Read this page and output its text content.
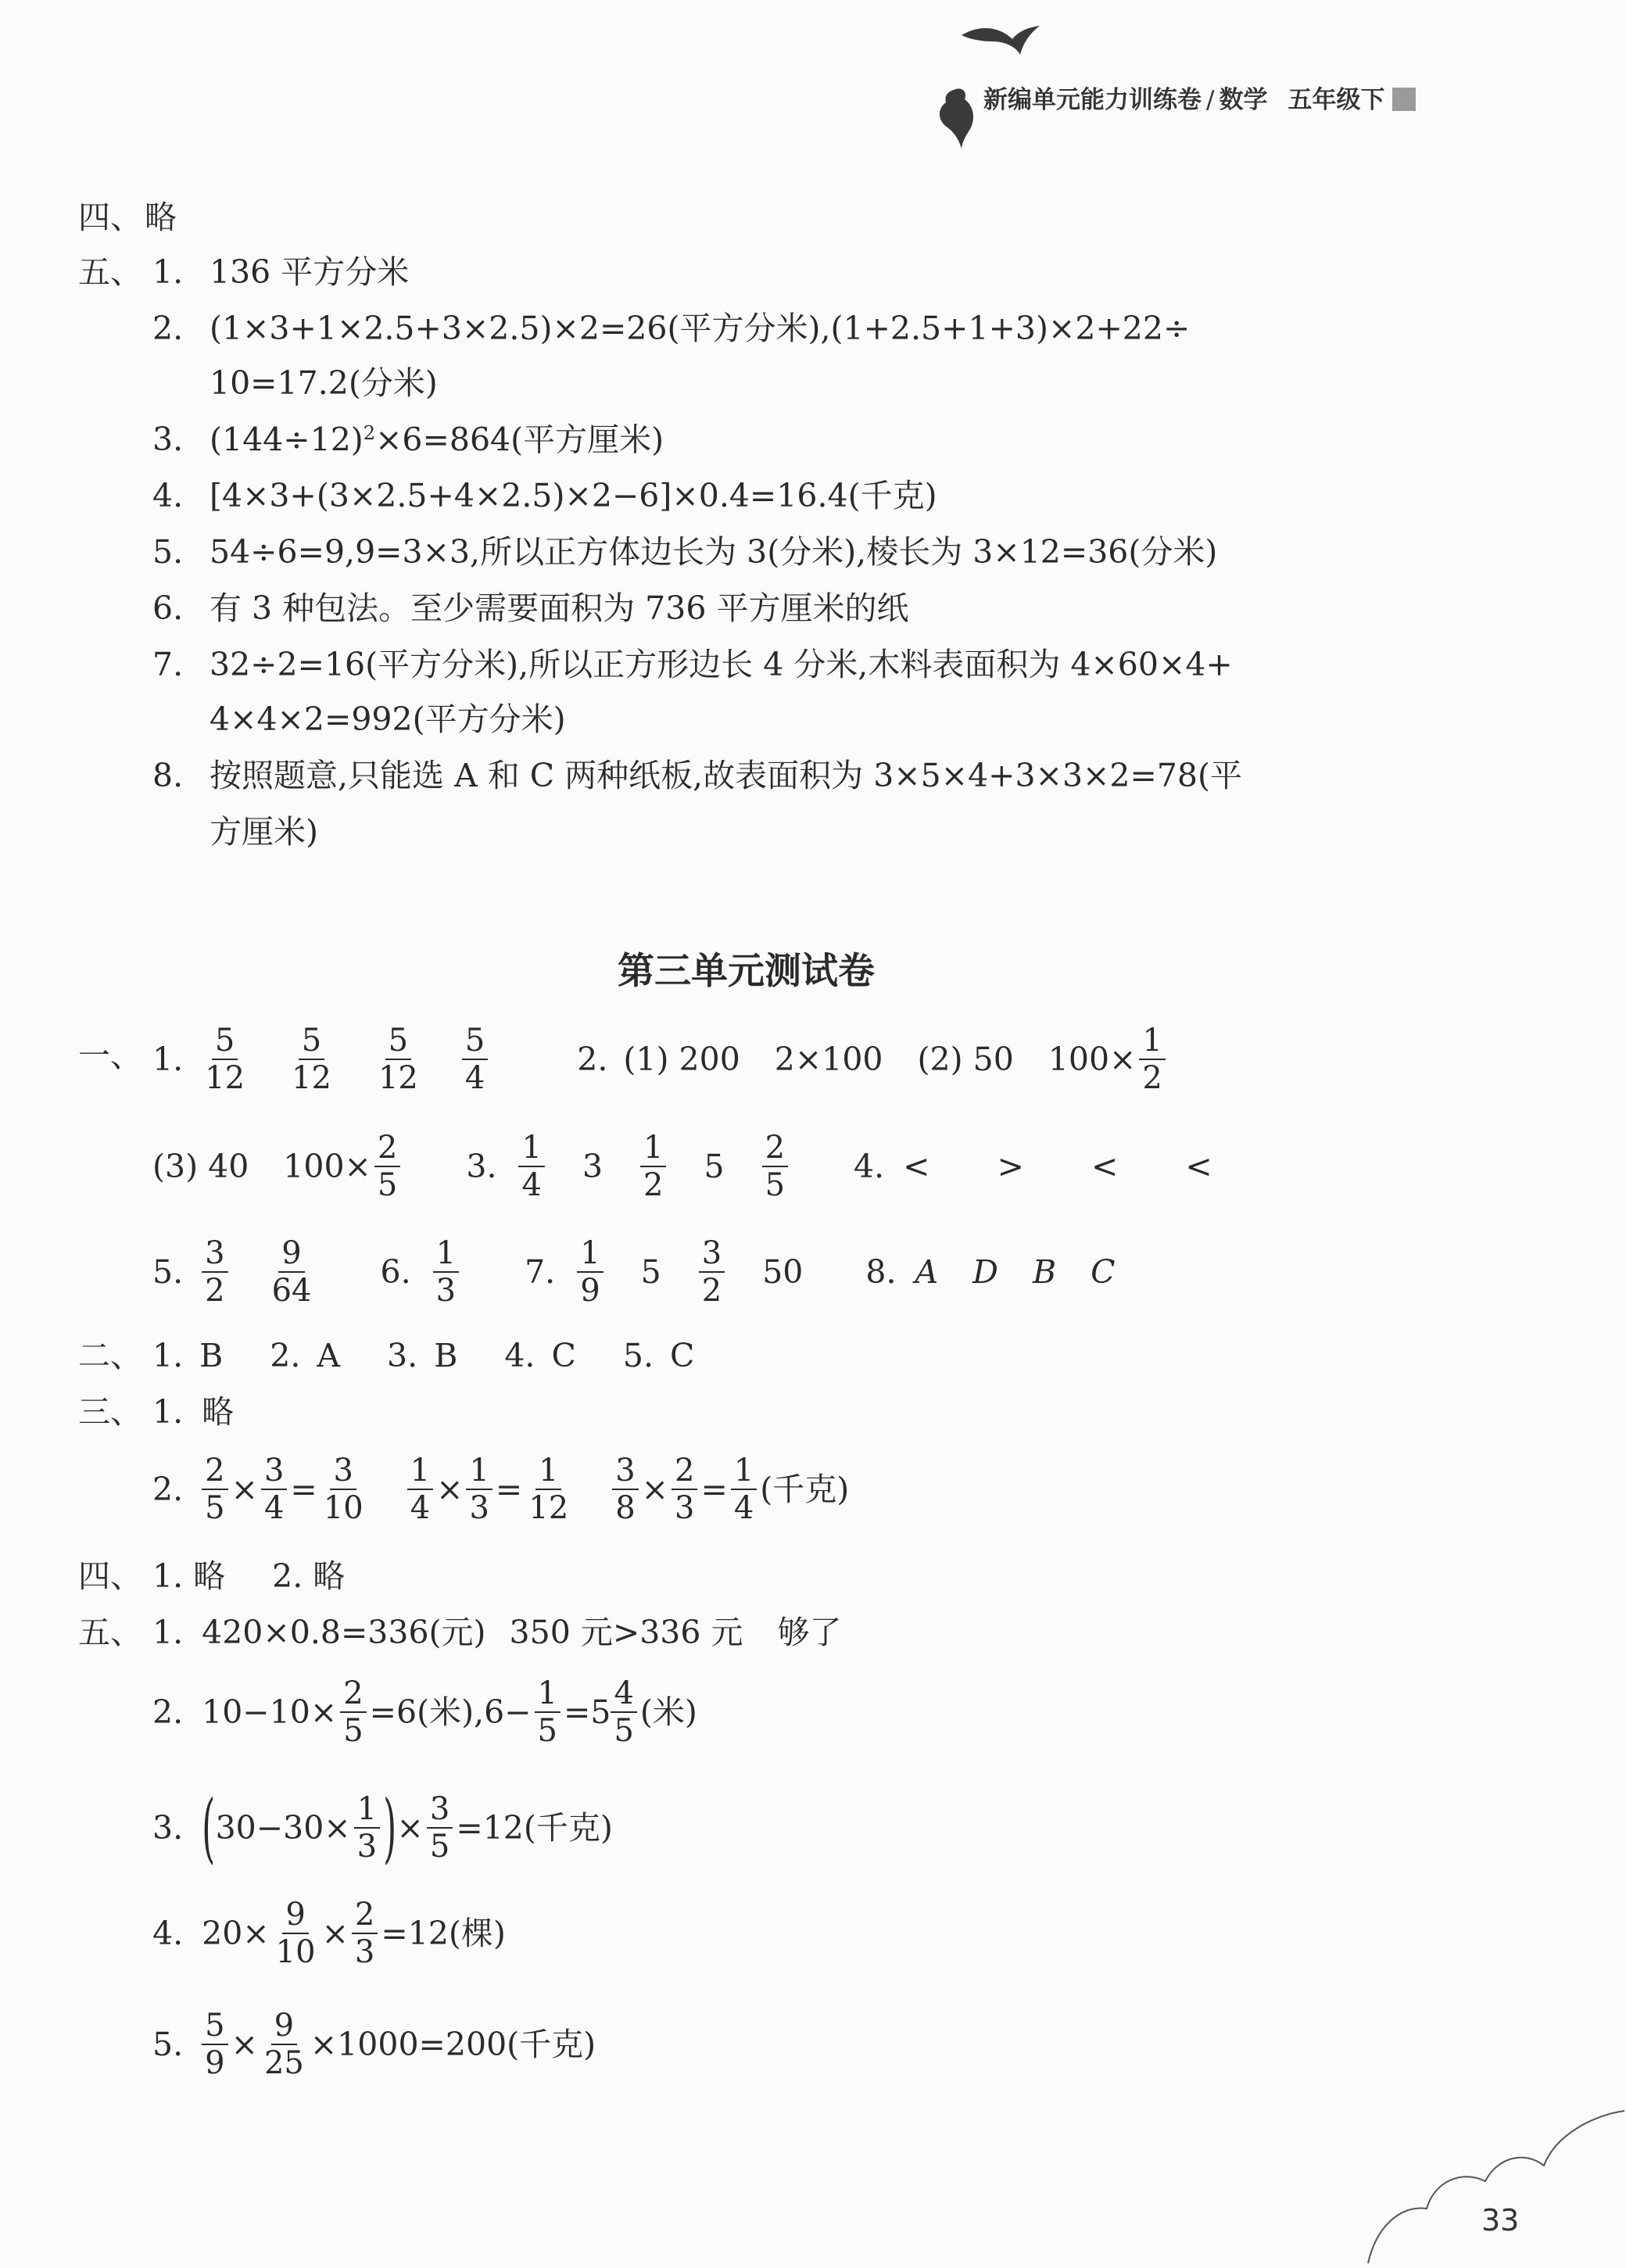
新编单元能力训练卷 / 数学 五年级下
四、 略
五、 1. 136 平方分米
2. (1×3+1×2.5+3×2.5)×2=26(平方分米),(1+2.5+1+3)×2+22÷
10=17.2(分米)
3. $(144\div 12)^2\times 6=864$(平方厘米)
4. [4×3+(3×2.5+4×2.5)×2−6]×0.4=16.4(千克)
5. 54÷6=9,9=3×3,所以正方体边长为 3(分米),棱长为 3×12=36(分米)
6. 有 3 种包法。至少需要面积为 736 平方厘米的纸
7. 32÷2=16(平方分米),所以正方形边长 4 分米,木料表面积为 4×60×4+
4×4×2=992(平方分米)
8. 按照题意,只能选 A 和 C 两种纸板,故表面积为 3×5×4+3×3×2=78(平
方厘米)
第三单元测试卷
一、 1. $\frac{5}{12} \frac{5}{12} \frac{5}{12} \frac{5}{4}$	2. (1) 200 2×100 (2) 50 $100\times \frac{1}{2}$
(3) 40 $100\times \frac{2}{5} 3$. $\frac{1}{4} 3 \frac{1}{2} 5 \frac{2}{5} 4$. <  >  <  <
5. $\frac{3}{2} \frac{9}{64} 6$. $\frac{1}{3} 7$. $\frac{1}{9} 5 \frac{3}{2} 50$ 8. A D B C
二、 1. B 2. A 3. B 4. C 5. C
三、 1. 略
2. $\frac{2}{5} \times \frac{3}{4} = \frac{3}{10} \frac{1}{4} \times \frac{1}{3} = \frac{1}{12} \frac{3}{8} \times \frac{2}{3} = \frac{1}{4}$ (千克)
四、 1. 略 2. 略
五、 1. 420×0.8=336(元) 350 元>336 元 够了
2. $10-10\times \frac{2}{5} =6$(米)$,6- \frac{1}{5} =5 \frac{4}{5}$ (米)
3. ( $30-30\times \frac{1}{3}$ ) × $\frac{3}{5} =12$(千克)
4. $20\times \frac{9}{10} \times \frac{2}{3} =12$(棵)
5. $\frac{5}{9} \times \frac{9}{25} \times 1000=200$(千克)
33
